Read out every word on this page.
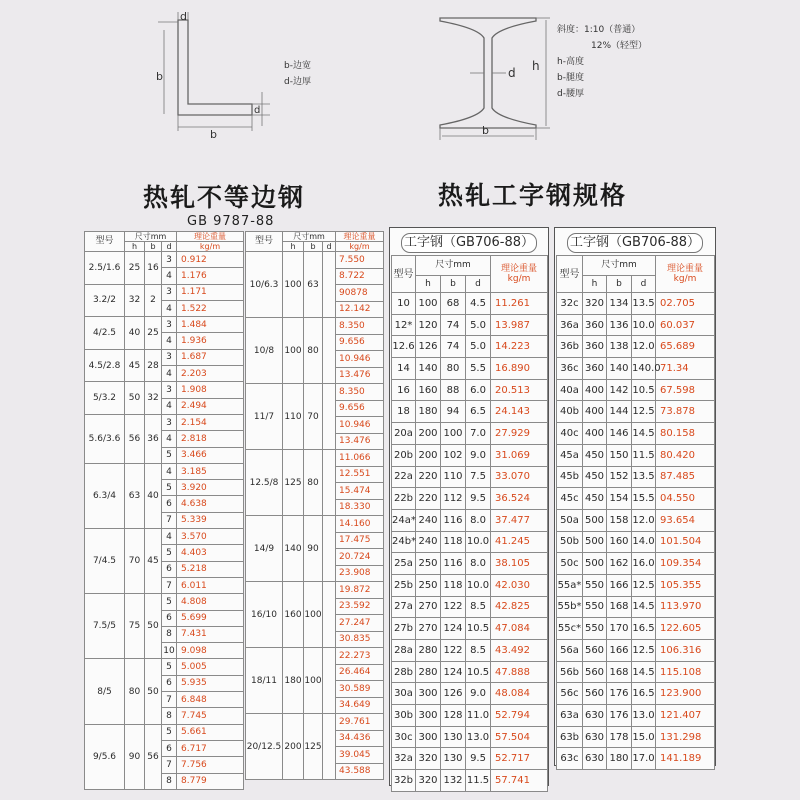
d
b
d
b
b-边宽
d-边厚
h
d
b
斜度：1:10（普通）
12%（轻型）
h-高度
b-腿度
d-腰厚
热轧不等边钢
GB 9787-88
热轧工字钢规格
型号	尺寸mm			理论重量
	h	b	d	kg/m
2.5/1.6	25	16	3	0.912
			4	1.176
3.2/2	32	2	3	1.171
			4	1.522
4/2.5	40	25	3	1.484
			4	1.936
4.5/2.8	45	28	3	1.687
			4	2.203
5/3.2	50	32	3	1.908
			4	2.494
5.6/3.6	56	36	3	2.154
			4	2.818
			5	3.466
6.3/4	63	40	4	3.185
			5	3.920
			6	4.638
			7	5.339
7/4.5	70	45	4	3.570
			5	4.403
			6	5.218
			7	6.011
7.5/5	75	50	5	4.808
			6	5.699
			8	7.431
			10	9.098
8/5	80	50	5	5.005
			6	5.935
			7	6.848
			8	7.745
9/5.6	90	56	5	5.661
			6	6.717
			7	7.756
			8	8.779
型号	尺寸mm			理论重量
	h	b	d	kg/m
10/6.3	100	63		7.550
				8.722
				90878
				12.142
10/8	100	80		8.350
				9.656
				10.946
				13.476
11/7	110	70		8.350
				9.656
				10.946
				13.476
12.5/8	125	80		11.066
				12.551
				15.474
				18.330
14/9	140	90		14.160
				17.475
				20.724
				23.908
16/10	160	100		19.872
				23.592
				27.247
				30.835
18/11	180	100		22.273
				26.464
				30.589
				34.649
20/12.5	200	125		29.761
				34.436
				39.045
				43.588
工字钢（GB706-88）
型号	尺寸mm			理论重量
kg/m

	h	b	d	
10	100	68	4.5	11.261
12*	120	74	5.0	13.987
12.6	126	74	5.0	14.223
14	140	80	5.5	16.890
16	160	88	6.0	20.513
18	180	94	6.5	24.143
20a	200	100	7.0	27.929
20b	200	102	9.0	31.069
22a	220	110	7.5	33.070
22b	220	112	9.5	36.524
24a*	240	116	8.0	37.477
24b*	240	118	10.0	41.245
25a	250	116	8.0	38.105
25b	250	118	10.0	42.030
27a	270	122	8.5	42.825
27b	270	124	10.5	47.084
28a	280	122	8.5	43.492
28b	280	124	10.5	47.888
30a	300	126	9.0	48.084
30b	300	128	11.0	52.794
30c	300	130	13.0	57.504
32a	320	130	9.5	52.717
32b	320	132	11.5	57.741
工字钢（GB706-88）
型号	尺寸mm			理论重量
kg/m

	h	b	d	
32c	320	134	13.5	02.705
36a	360	136	10.0	60.037
36b	360	138	12.0	65.689
36c	360	140	140.0	71.34
40a	400	142	10.5	67.598
40b	400	144	12.5	73.878
40c	400	146	14.5	80.158
45a	450	150	11.5	80.420
45b	450	152	13.5	87.485
45c	450	154	15.5	04.550
50a	500	158	12.0	93.654
50b	500	160	14.0	101.504
50c	500	162	16.0	109.354
55a*	550	166	12.5	105.355
55b*	550	168	14.5	113.970
55c*	550	170	16.5	122.605
56a	560	166	12.5	106.316
56b	560	168	14.5	115.108
56c	560	176	16.5	123.900
63a	630	176	13.0	121.407
63b	630	178	15.0	131.298
63c	630	180	17.0	141.189
